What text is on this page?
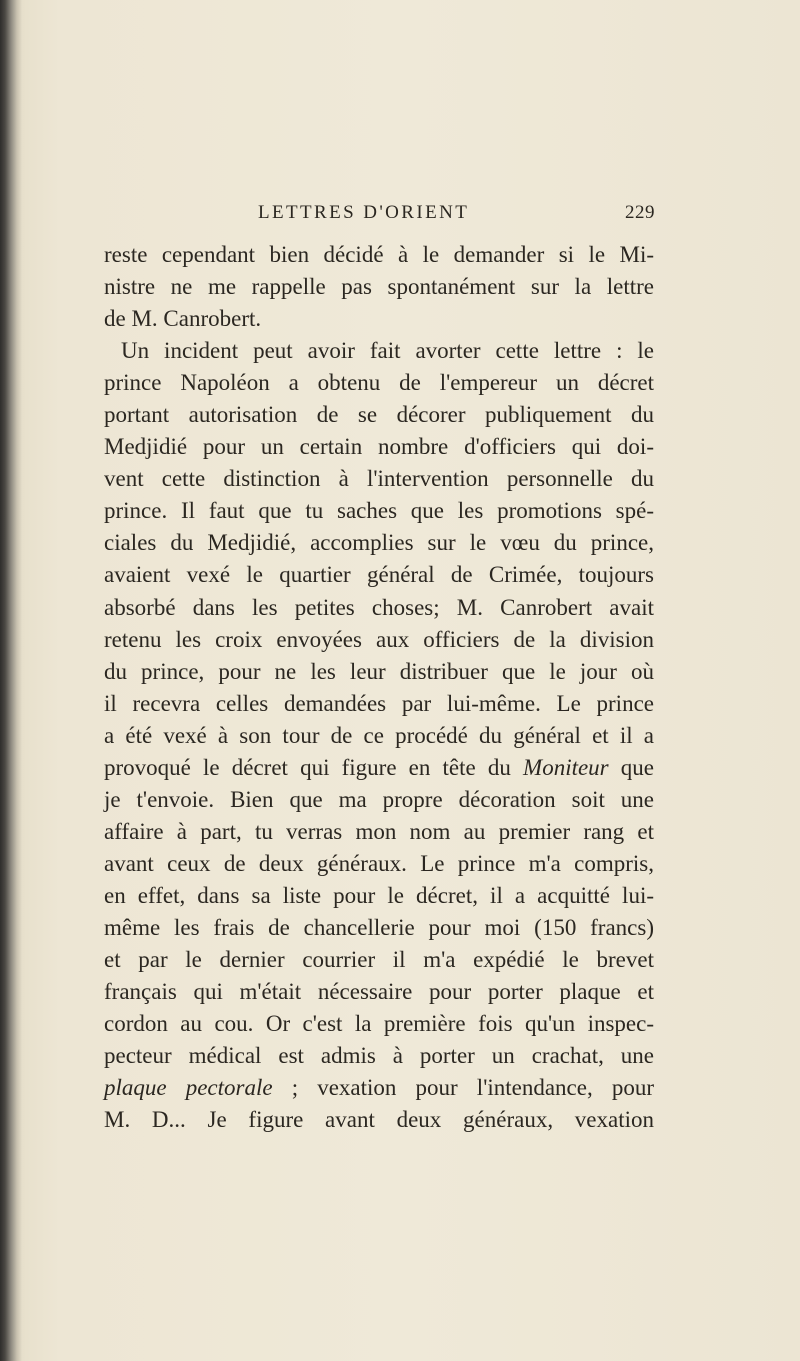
LETTRES D'ORIENT	229
reste cependant bien décidé à le demander si le Mi-
nistre ne me rappelle pas spontanément sur la lettre
de M. Canrobert.
Un incident peut avoir fait avorter cette lettre : le
prince Napoléon a obtenu de l'empereur un décret
portant autorisation de se décorer publiquement du
Medjidié pour un certain nombre d'officiers qui doi-
vent cette distinction à l'intervention personnelle du
prince. Il faut que tu saches que les promotions spé-
ciales du Medjidié, accomplies sur le vœu du prince,
avaient vexé le quartier général de Crimée, toujours
absorbé dans les petites choses; M. Canrobert avait
retenu les croix envoyées aux officiers de la division
du prince, pour ne les leur distribuer que le jour où
il recevra celles demandées par lui-même. Le prince
a été vexé à son tour de ce procédé du général et il a
provoqué le décret qui figure en tête du Moniteur que
je t'envoie. Bien que ma propre décoration soit une
affaire à part, tu verras mon nom au premier rang et
avant ceux de deux généraux. Le prince m'a compris,
en effet, dans sa liste pour le décret, il a acquitté lui-
même les frais de chancellerie pour moi (150 francs)
et par le dernier courrier il m'a expédié le brevet
français qui m'était nécessaire pour porter plaque et
cordon au cou. Or c'est la première fois qu'un inspec-
pecteur médical est admis à porter un crachat, une
plaque pectorale ; vexation pour l'intendance, pour
M. D... Je figure avant deux généraux, vexation
